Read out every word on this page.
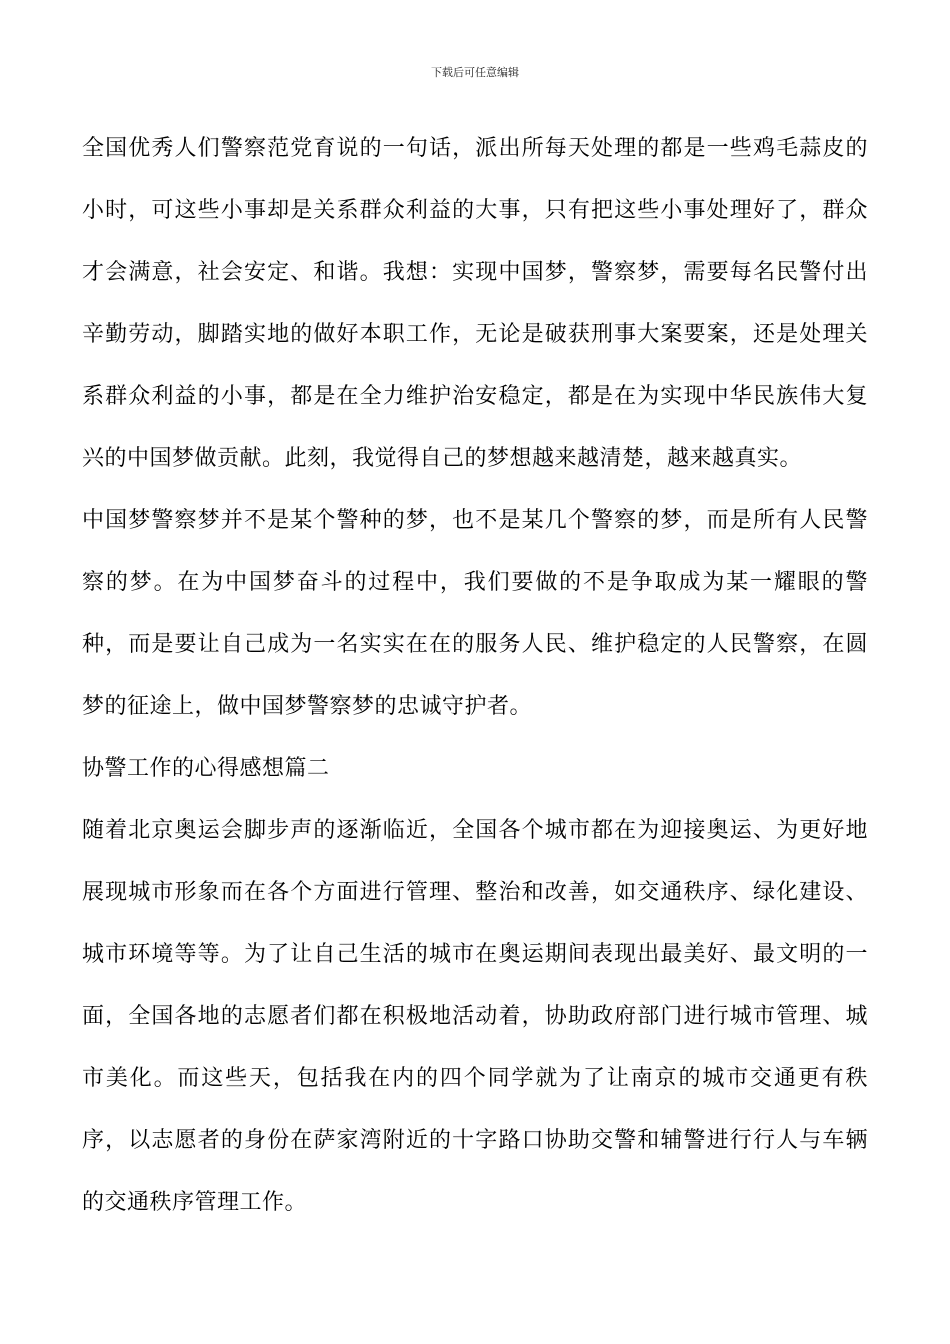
下载后可任意编辑

全国优秀人们警察范党育说的一句话，派出所每天处理的都是一些鸡毛蒜皮的小时，可这些小事却是关系群众利益的大事，只有把这些小事处理好了，群众才会满意，社会安定、和谐。我想：实现中国梦，警察梦，需要每名民警付出辛勤劳动，脚踏实地的做好本职工作，无论是破获刑事大案要案，还是处理关系群众利益的小事，都是在全力维护治安稳定，都是在为实现中华民族伟大复兴的中国梦做贡献。此刻，我觉得自己的梦想越来越清楚，越来越真实。

中国梦警察梦并不是某个警种的梦，也不是某几个警察的梦，而是所有人民警察的梦。在为中国梦奋斗的过程中，我们要做的不是争取成为某一耀眼的警种，而是要让自己成为一名实实在在的服务人民、维护稳定的人民警察，在圆梦的征途上，做中国梦警察梦的忠诚守护者。

协警工作的心得感想篇二

随着北京奥运会脚步声的逐渐临近，全国各个城市都在为迎接奥运、为更好地展现城市形象而在各个方面进行管理、整治和改善，如交通秩序、绿化建设、城市环境等等。为了让自己生活的城市在奥运期间表现出最美好、最文明的一面，全国各地的志愿者们都在积极地活动着，协助政府部门进行城市管理、城市美化。而这些天，包括我在内的四个同学就为了让南京的城市交通更有秩序，以志愿者的身份在萨家湾附近的十字路口协助交警和辅警进行行人与车辆的交通秩序管理工作。
